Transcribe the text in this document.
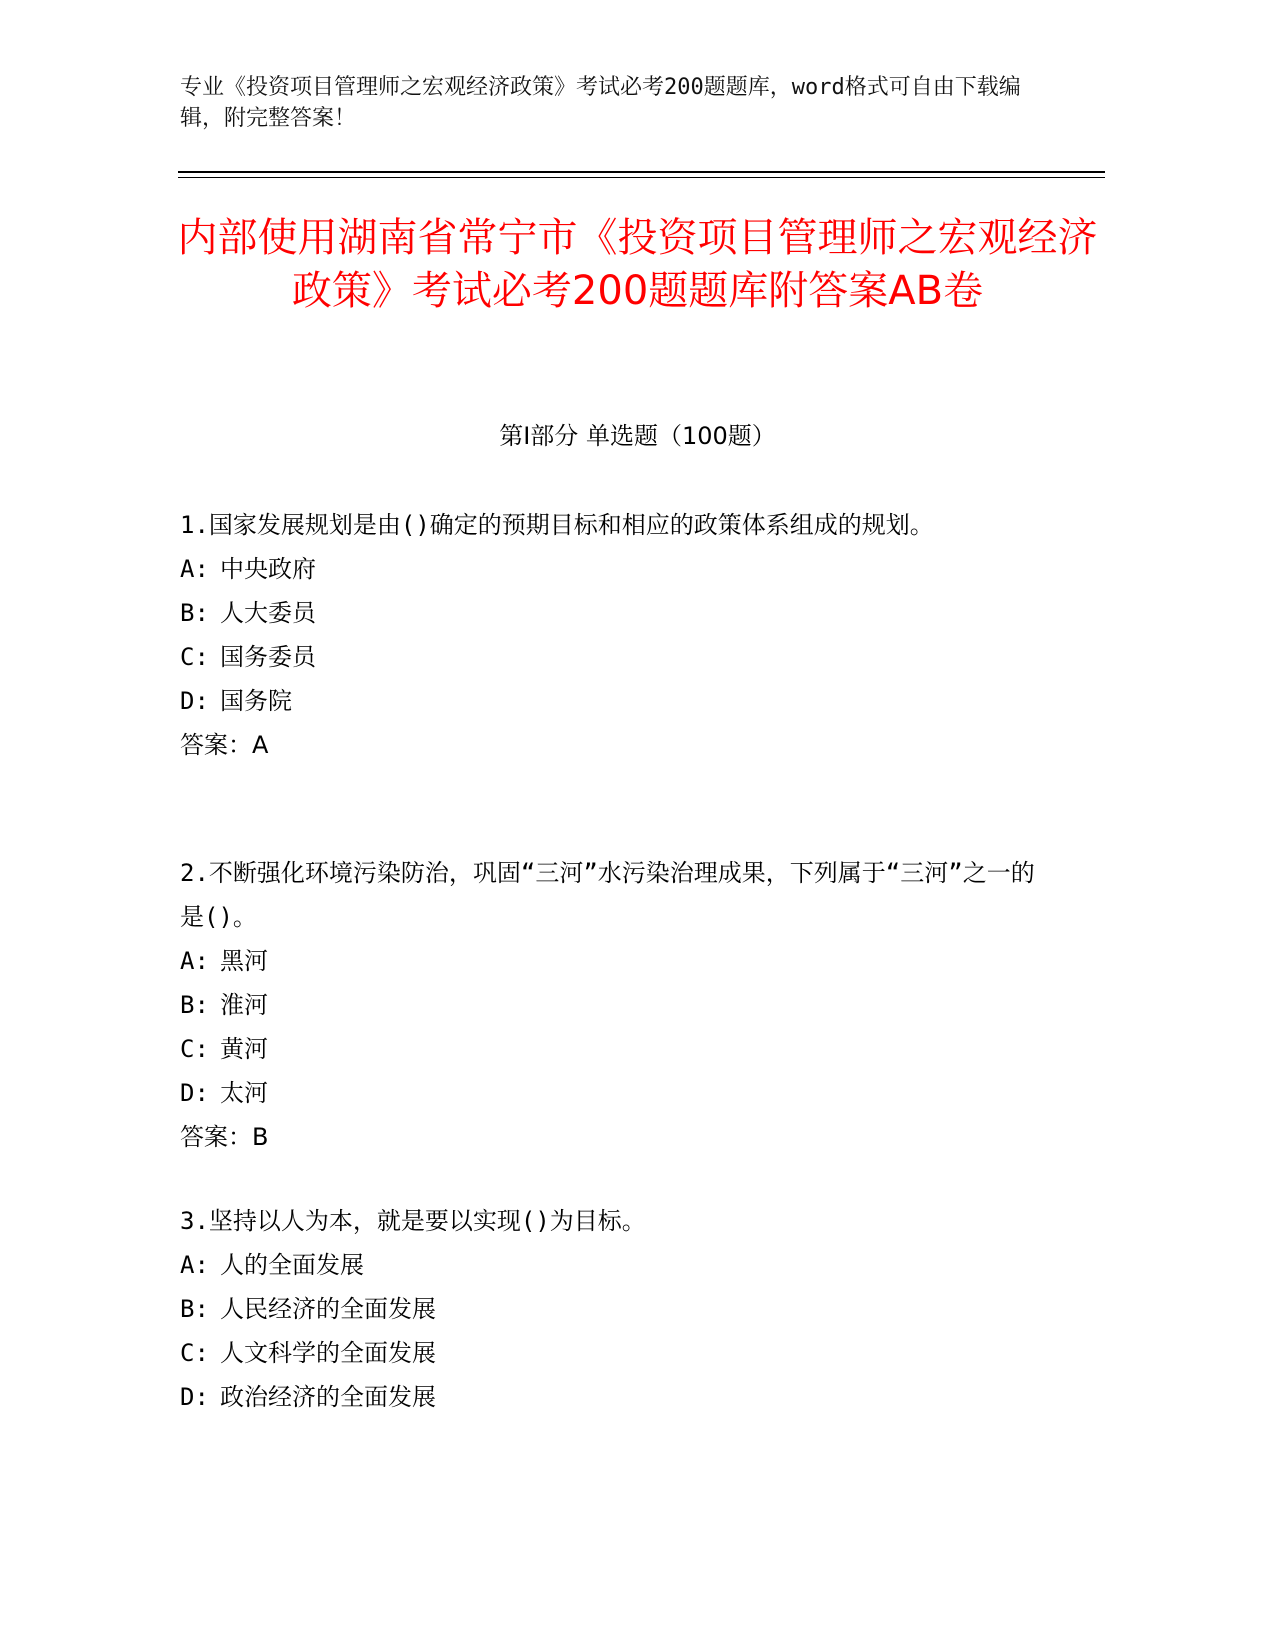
专业《投资项目管理师之宏观经济政策》考试必考200题题库，word格式可自由下载编辑，附完整答案！
内部使用湖南省常宁市《投资项目管理师之宏观经济政策》考试必考200题题库附答案AB卷
第I部分 单选题（100题）

1.国家发展规划是由()确定的预期目标和相应的政策体系组成的规划。

A: 中央政府

B: 人大委员

C: 国务委员

D: 国务院

答案：A

2.不断强化环境污染防治，巩固“三河”水污染治理成果，下列属于“三河”之一的是()。

A: 黑河

B: 淮河

C: 黄河

D: 太河

答案：B

3.坚持以人为本，就是要以实现()为目标。

A: 人的全面发展

B: 人民经济的全面发展

C: 人文科学的全面发展

D: 政治经济的全面发展
